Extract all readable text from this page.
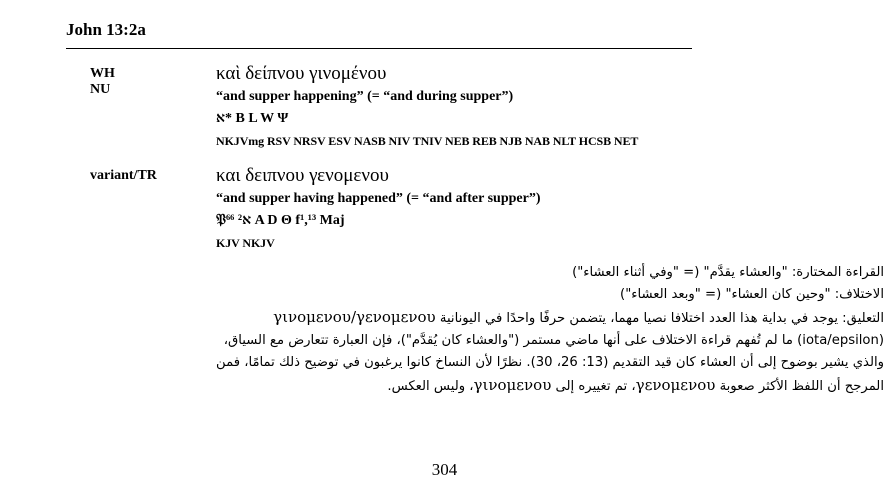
John 13:2a
WH NU
καὶ δείπνου γινομένου
“and supper happening” (= “and during supper”)
א* B L W Ψ
NKJVmg RSV NRSV ESV NASB NIV TNIV NEB REB NJB NAB NLT HCSB NET
variant/TR	και δειπνου γενομενου
“and supper having happened” (= “and after supper”)
𝔓⁶⁶ א² A D Θ f¹,¹³ Maj
KJV NKJV

القراءة المختارة: "والعشاء يقدَّم" (= "وفي أثناء العشاء")

الاختلاف: "وحين كان العشاء" (= "وبعد العشاء")

التعليق: يوجد في بداية هذا العدد اختلافا نصيا مهما، يتضمن حرفًا واحدًا في اليونانية γινομενου/γενομενου

(iota/epsilon) ما لم تُفهم قراءة الاختلاف على أنها ماضي مستمر ("والعشاء كان يُقدَّم")، فإن العبارة تتعارض مع السياق،

والذي يشير بوضوح إلى أن العشاء كان قيد التقديم (13: 26، 30). نظرًا لأن النساخ كانوا يرغبون في توضيح ذلك تمامًا، فمن

المرجح أن اللفظ الأكثر صعوبة γενομενου، تم تغييره إلى γινομενου، وليس العكس.

304
